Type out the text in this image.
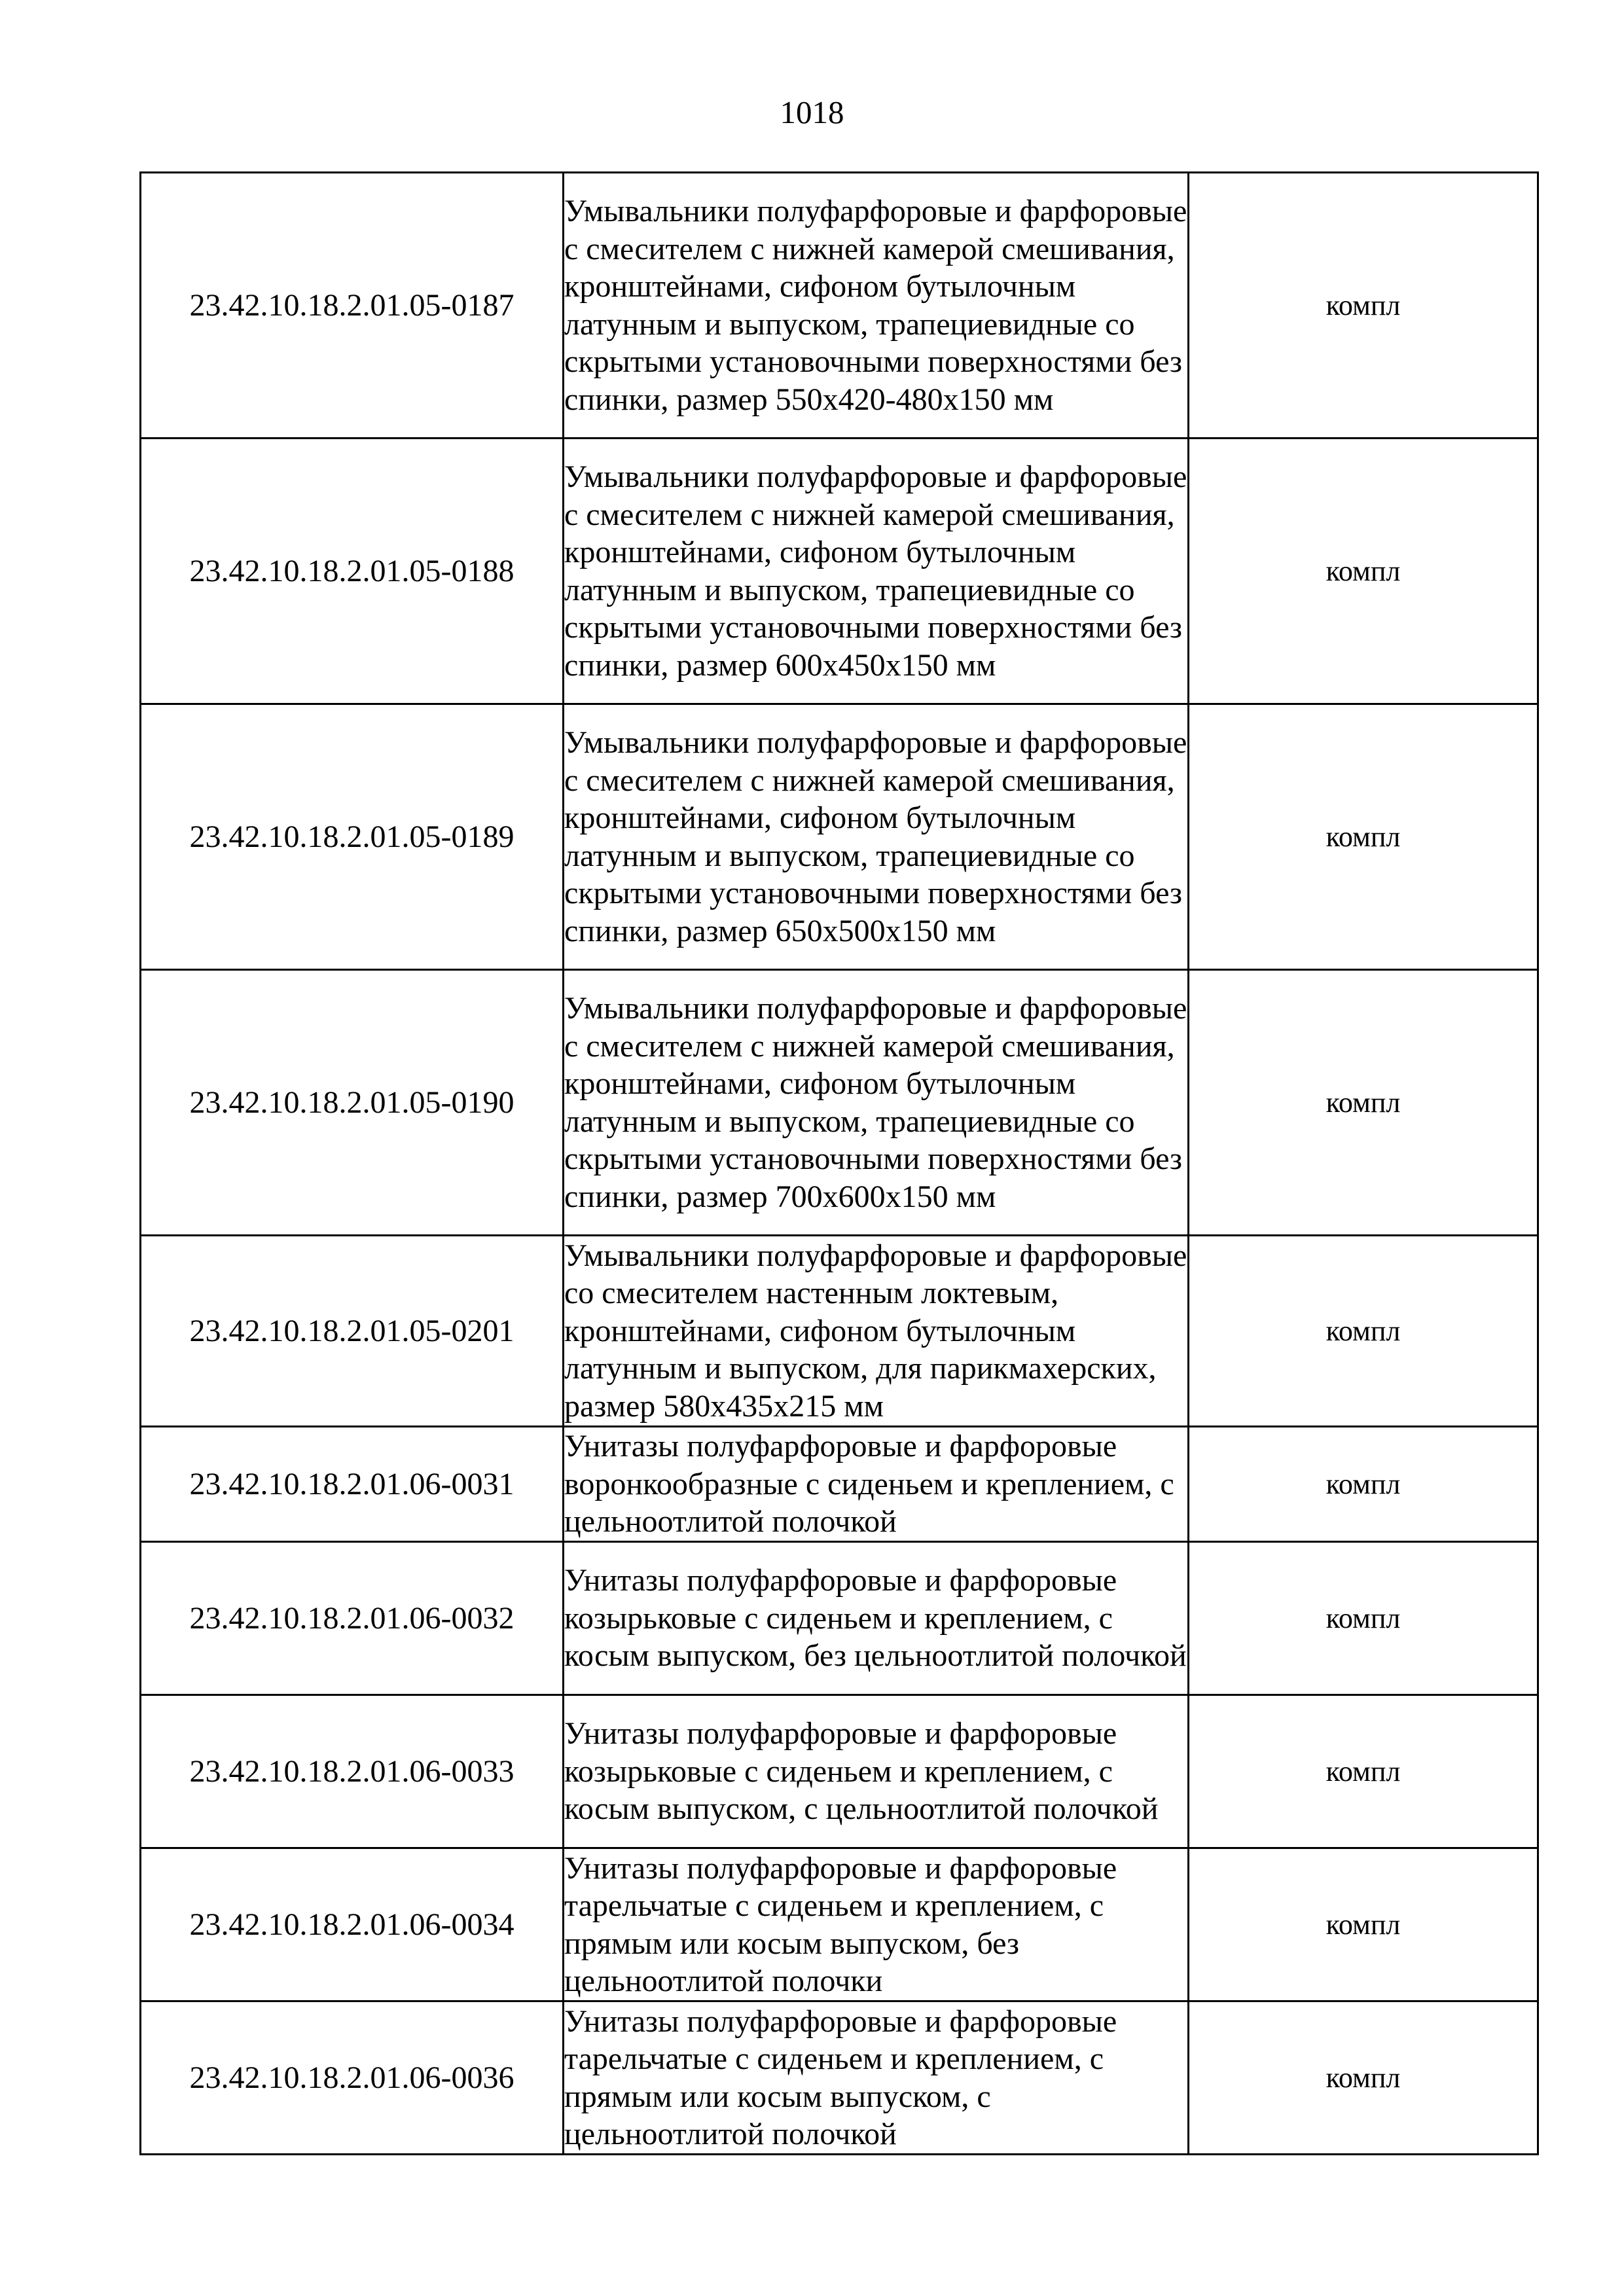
1018
23.42.10.18.2.01.05-0187	Умывальники полуфарфоровые и фарфоровые с смесителем с нижней камерой смешивания, кронштейнами, сифоном бутылочным латунным и выпуском, трапециевидные со скрытыми установочными поверхностями без спинки, размер 550х420-480х150 мм	компл
23.42.10.18.2.01.05-0188	Умывальники полуфарфоровые и фарфоровые с смесителем с нижней камерой смешивания, кронштейнами, сифоном бутылочным латунным и выпуском, трапециевидные со скрытыми установочными поверхностями без спинки, размер 600х450х150 мм	компл
23.42.10.18.2.01.05-0189	Умывальники полуфарфоровые и фарфоровые с смесителем с нижней камерой смешивания, кронштейнами, сифоном бутылочным латунным и выпуском, трапециевидные со скрытыми установочными поверхностями без спинки, размер 650х500х150 мм	компл
23.42.10.18.2.01.05-0190	Умывальники полуфарфоровые и фарфоровые с смесителем с нижней камерой смешивания, кронштейнами, сифоном бутылочным латунным и выпуском, трапециевидные со скрытыми установочными поверхностями без спинки, размер 700х600х150 мм	компл
23.42.10.18.2.01.05-0201	Умывальники полуфарфоровые и фарфоровые со смесителем настенным локтевым, кронштейнами, сифоном бутылочным латунным и выпуском, для парикмахерских, размер 580х435х215 мм	компл
23.42.10.18.2.01.06-0031	Унитазы полуфарфоровые и фарфоровые воронкообразные с сиденьем и креплением, с цельноотлитой полочкой	компл
23.42.10.18.2.01.06-0032	Унитазы полуфарфоровые и фарфоровые козырьковые с сиденьем и креплением, с косым выпуском, без цельноотлитой полочкой	компл
23.42.10.18.2.01.06-0033	Унитазы полуфарфоровые и фарфоровые козырьковые с сиденьем и креплением, с косым выпуском, с цельноотлитой полочкой	компл
23.42.10.18.2.01.06-0034	Унитазы полуфарфоровые и фарфоровые тарельчатые с сиденьем и креплением, с прямым или косым выпуском, без цельноотлитой полочки	компл
23.42.10.18.2.01.06-0036	Унитазы полуфарфоровые и фарфоровые тарельчатые с сиденьем и креплением, с прямым или косым выпуском, с цельноотлитой полочкой	компл
